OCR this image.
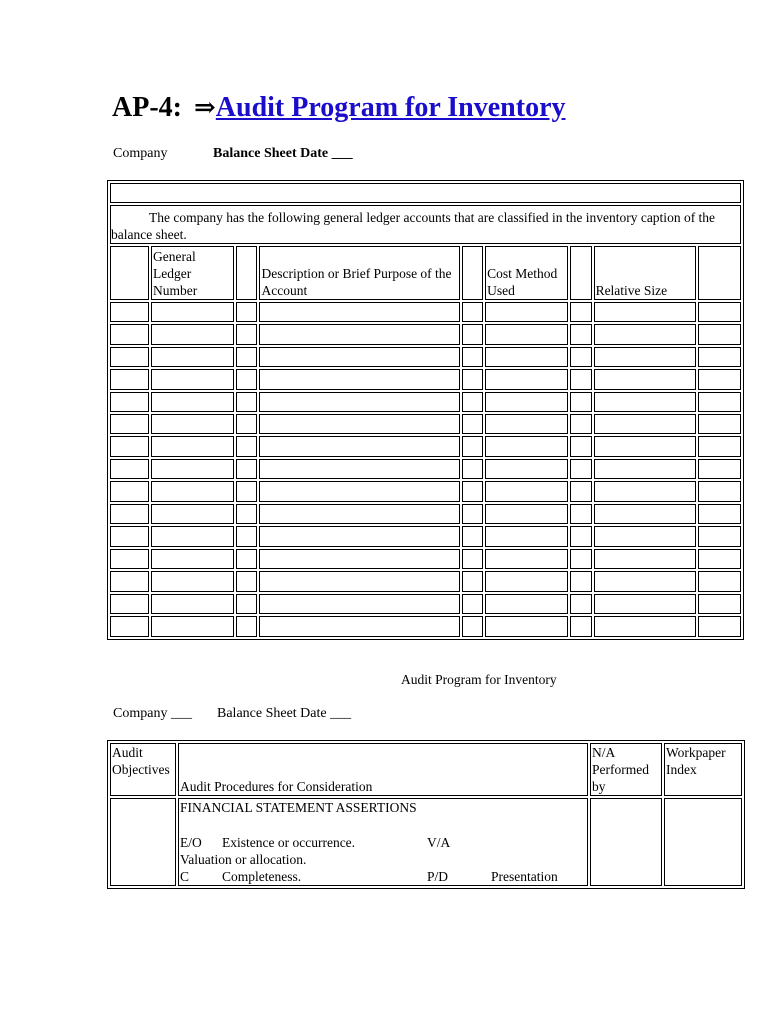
AP-4: ⇒Audit Program for Inventory
Company	Balance Sheet Date ___

The company has the following general ledger accounts that are classified in the inventory caption of the balance sheet.								
	General Ledger Number		Description or Brief Purpose of the Account		Cost Method Used		Relative Size	

Audit Program for Inventory
Company ___ Balance Sheet Date ___
Audit Objectives	Audit Procedures for Consideration	N/A Performed by	Workpaper Index

	FINANCIAL STATEMENT ASSERTIONS
E/O Existence or occurrence. V/AValuation or allocation.
C Completeness. P/D Presentation		
